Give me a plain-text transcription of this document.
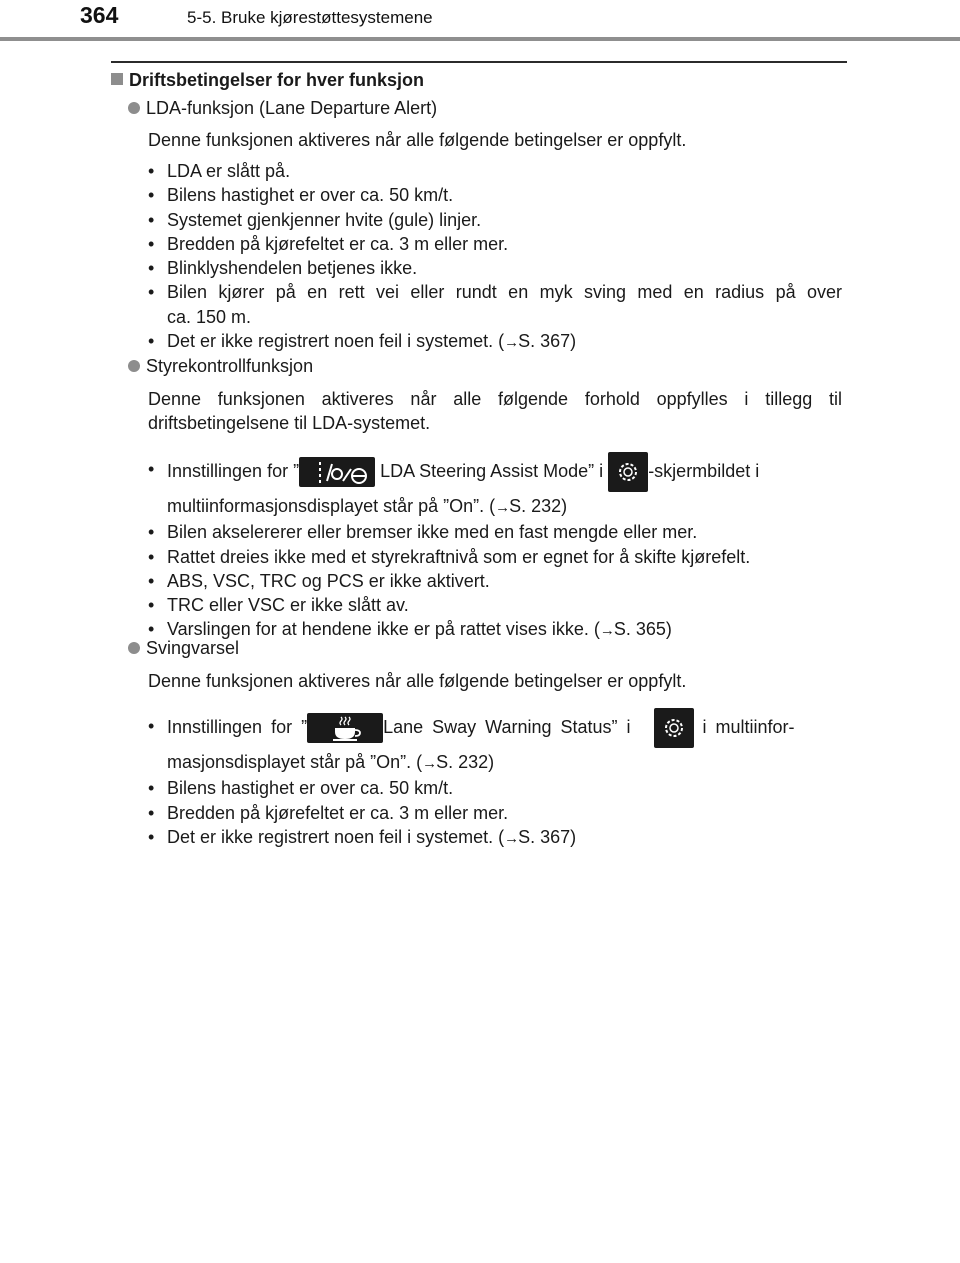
364	5-5. Bruke kjørestøttesystemene
Driftsbetingelser for hver funksjon
LDA-funksjon (Lane Departure Alert)
Denne funksjonen aktiveres når alle følgende betingelser er oppfylt.
• LDA er slått på.
• Bilens hastighet er over ca. 50 km/t.
• Systemet gjenkjenner hvite (gule) linjer.
• Bredden på kjørefeltet er ca. 3 m eller mer.
• Blinklyshendelen betjenes ikke.
• Bilen kjører på en rett vei eller rundt en myk sving med en radius på over
ca. 150 m.
• Det er ikke registrert noen feil i systemet. (→S. 367)
Styrekontrollfunksjon
Denne funksjonen aktiveres når alle følgende forhold oppfylles i tillegg til driftsbetingelsene til LDA-systemet.
• Innstillingen for ”	LDA Steering Assist Mode” i -skjermbildet i
multiinformasjonsdisplayet står på ”On”. (→S. 232)
• Bilen akselererer eller bremser ikke med en fast mengde eller mer.
• Rattet dreies ikke med et styrekraftnivå som er egnet for å skifte kjørefelt.
• ABS, VSC, TRC og PCS er ikke aktivert.
• TRC eller VSC er ikke slått av.
• Varslingen for at hendene ikke er på rattet vises ikke. (→S. 365)
Svingvarsel
Denne funksjonen aktiveres når alle følgende betingelser er oppfylt.
• Innstillingen for ”	Lane Sway Warning Status” i	i multiinfor-
masjonsdisplayet står på ”On”. (→S. 232)
• Bilens hastighet er over ca. 50 km/t.
• Bredden på kjørefeltet er ca. 3 m eller mer.
• Det er ikke registrert noen feil i systemet. (→S. 367)
